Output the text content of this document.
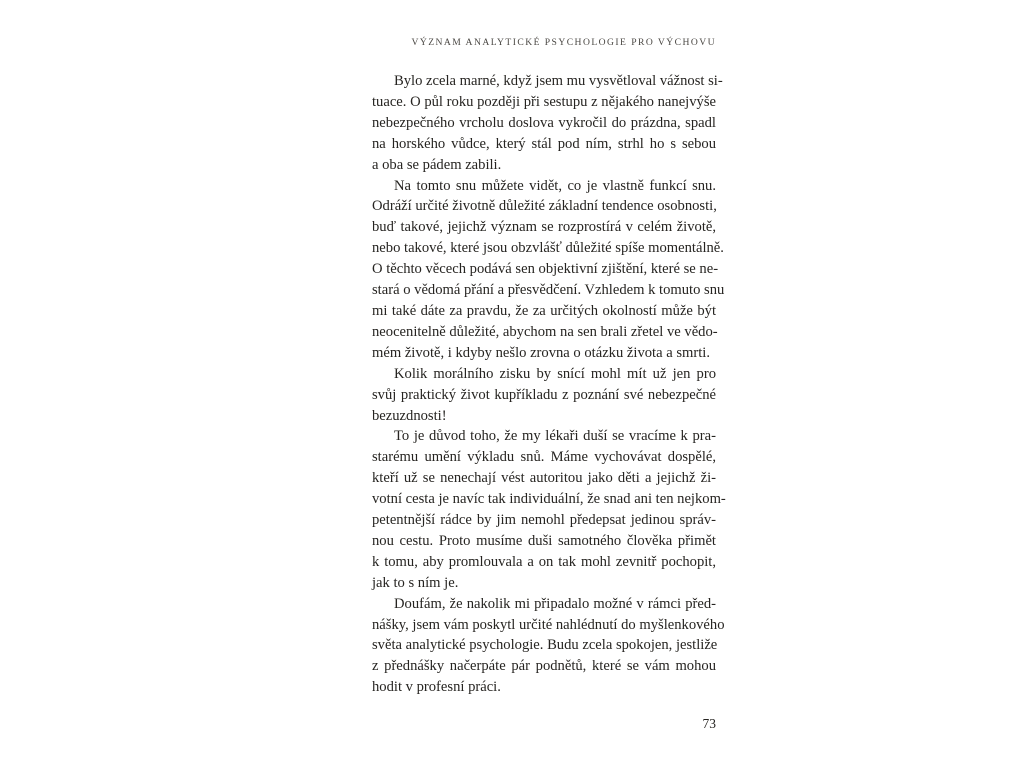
VÝZNAM ANALYTICKÉ PSYCHOLOGIE PRO VÝCHOVU

Bylo zcela marné, když jsem mu vysvětloval vážnost si-
tuace. O půl roku později při sestupu z nějakého nanejvýše
nebezpečného vrcholu doslova vykročil do prázdna, spadl
na horského vůdce, který stál pod ním, strhl ho s sebou
a oba se pádem zabili.

Na tomto snu můžete vidět, co je vlastně funkcí snu.
Odráží určité životně důležité základní tendence osobnosti,
buď takové, jejichž význam se rozprostírá v celém životě,
nebo takové, které jsou obzvlášť důležité spíše momentálně.
O těchto věcech podává sen objektivní zjištění, které se ne-
stará o vědomá přání a přesvědčení. Vzhledem k tomuto snu
mi také dáte za pravdu, že za určitých okolností může být
neocenitelně důležité, abychom na sen brali zřetel ve vědo-
mém životě, i kdyby nešlo zrovna o otázku života a smrti.

Kolik morálního zisku by snící mohl mít už jen pro
svůj praktický život kupříkladu z poznání své nebezpečné
bezuzdnosti!

To je důvod toho, že my lékaři duší se vracíme k pra-
starému umění výkladu snů. Máme vychovávat dospělé,
kteří už se nenechají vést autoritou jako děti a jejichž ži-
votní cesta je navíc tak individuální, že snad ani ten nejkom-
petentnější rádce by jim nemohl předepsat jedinou správ-
nou cestu. Proto musíme duši samotného člověka přimět
k tomu, aby promlouvala a on tak mohl zevnitř pochopit,
jak to s ním je.

Doufám, že nakolik mi připadalo možné v rámci před-
nášky, jsem vám poskytl určité nahlédnutí do myšlenkového
světa analytické psychologie. Budu zcela spokojen, jestliže
z přednášky načerpáte pár podnětů, které se vám mohou
hodit v profesní práci.

73
